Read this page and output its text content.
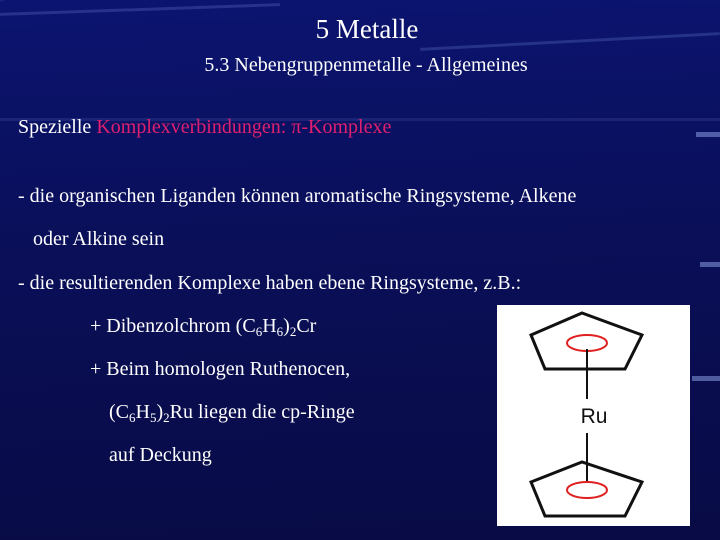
5 Metalle
5.3 Nebengruppenmetalle - Allgemeines
Spezielle Komplexverbindungen: π-Komplexe
- die organischen Liganden können aromatische Ringsysteme, Alkene
oder Alkine sein
- die resultierenden Komplexe haben ebene Ringsysteme, z.B.:
+ Dibenzolchrom $(C_6H_6)_2Cr$
+ Beim homologen Ruthenocen,
$(C_6H_5)_2Ru$ liegen die cp-Ringe
auf Deckung
Ru
